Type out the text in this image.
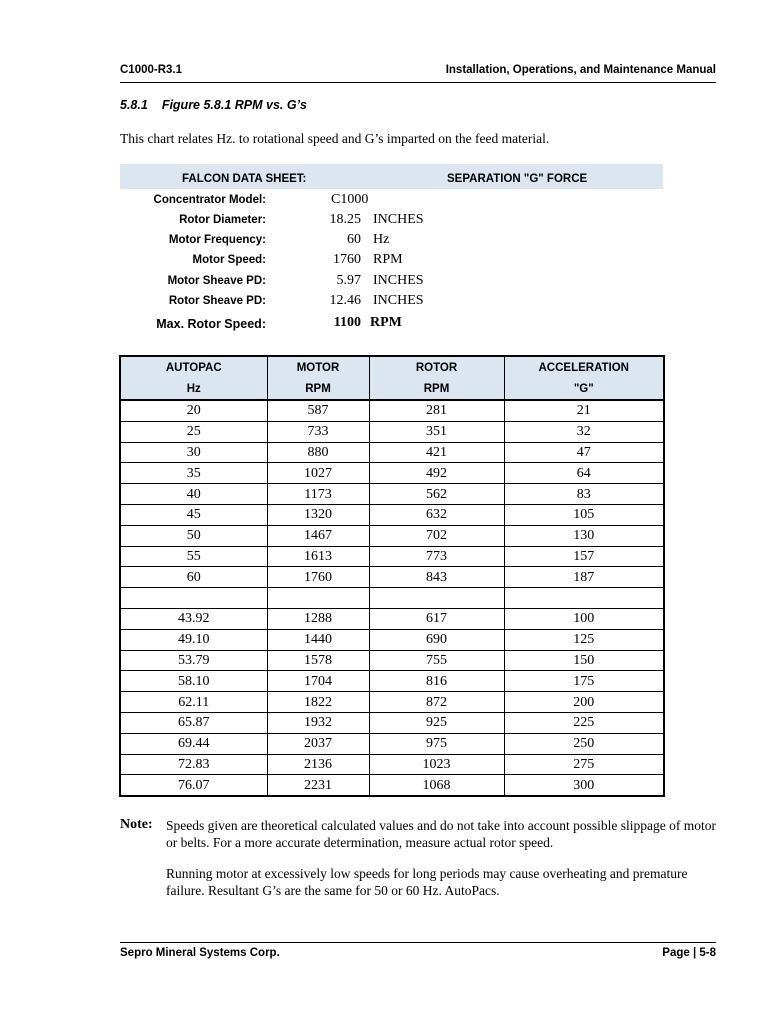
C1000-R3.1	Installation, Operations, and Maintenance Manual
5.8.1 Figure 5.8.1 RPM vs. G’s
This chart relates Hz. to rotational speed and G’s imparted on the feed material.
FALCON DATA SHEET:	SEPARATION "G" FORCE
Concentrator Model:	C1000
Rotor Diameter:	18.25 INCHES
Motor Frequency:	60 Hz
Motor Speed:	1760 RPM
Motor Sheave PD:	5.97 INCHES
Rotor Sheave PD:	12.46 INCHES
Max. Rotor Speed:	1100 RPM
AUTOPAC	MOTOR	ROTOR	ACCELERATION
Hz	RPM	RPM	"G"
20	587	281	21
25	733	351	32
30	880	421	47
35	1027	492	64
40	1173	562	83
45	1320	632	105
50	1467	702	130
55	1613	773	157
60	1760	843	187

43.92	1288	617	100
49.10	1440	690	125
53.79	1578	755	150
58.10	1704	816	175
62.11	1822	872	200
65.87	1932	925	225
69.44	2037	975	250
72.83	2136	1023	275
76.07	2231	1068	300
Note: Speeds given are theoretical calculated values and do not take into account possible slippage of motor or belts. For a more accurate determination, measure actual rotor speed.
Running motor at excessively low speeds for long periods may cause overheating and premature failure. Resultant G’s are the same for 50 or 60 Hz. AutoPacs.
Sepro Mineral Systems Corp.	Page | 5-8
